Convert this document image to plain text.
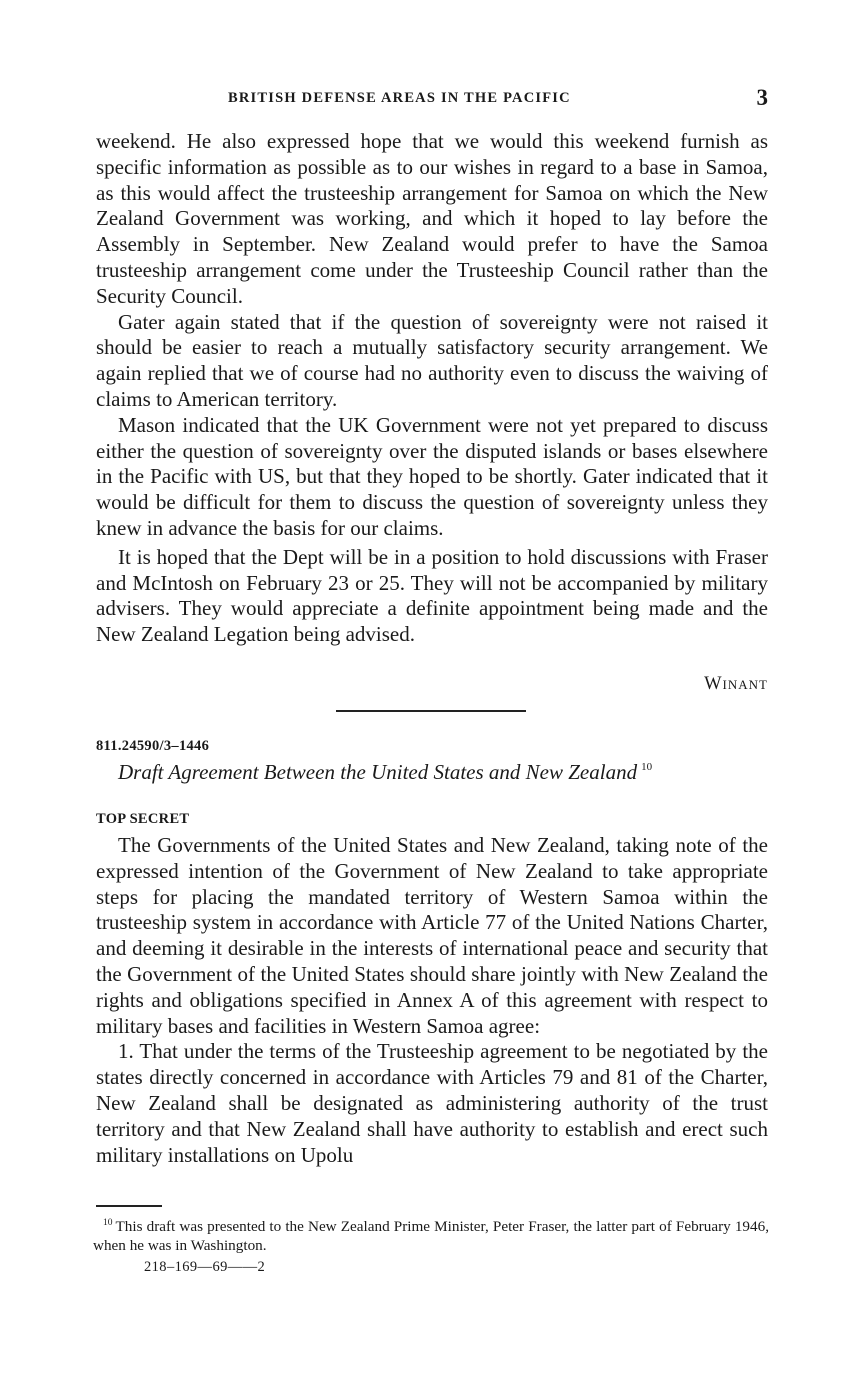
BRITISH DEFENSE AREAS IN THE PACIFIC	3

weekend. He also expressed hope that we would this weekend furnish as specific information as possible as to our wishes in regard to a base in Samoa, as this would affect the trusteeship arrangement for Samoa on which the New Zealand Government was working, and which it hoped to lay before the Assembly in September. New Zealand would prefer to have the Samoa trusteeship arrangement come under the Trusteeship Council rather than the Security Council.

Gater again stated that if the question of sovereignty were not raised it should be easier to reach a mutually satisfactory security arrangement. We again replied that we of course had no authority even to discuss the waiving of claims to American territory.

Mason indicated that the UK Government were not yet prepared to discuss either the question of sovereignty over the disputed islands or bases elsewhere in the Pacific with US, but that they hoped to be shortly. Gater indicated that it would be difficult for them to discuss the question of sovereignty unless they knew in advance the basis for our claims.

It is hoped that the Dept will be in a position to hold discussions with Fraser and McIntosh on February 23 or 25. They will not be accompanied by military advisers. They would appreciate a definite appointment being made and the New Zealand Legation being advised.

Winant
811.24590/3–1446
Draft Agreement Between the United States and New Zealand $^{10}$
TOP SECRET

The Governments of the United States and New Zealand, taking note of the expressed intention of the Government of New Zealand to take appropriate steps for placing the mandated territory of Western Samoa within the trusteeship system in accordance with Article 77 of the United Nations Charter, and deeming it desirable in the interests of international peace and security that the Government of the United States should share jointly with New Zealand the rights and obligations specified in Annex A of this agreement with respect to military bases and facilities in Western Samoa agree:

1. That under the terms of the Trusteeship agreement to be negotiated by the states directly concerned in accordance with Articles 79 and 81 of the Charter, New Zealand shall be designated as administering authority of the trust territory and that New Zealand shall have authority to establish and erect such military installations on Upolu

$^{10}$ This draft was presented to the New Zealand Prime Minister, Peter Fraser, the latter part of February 1946, when he was in Washington.
218–169—69——2
